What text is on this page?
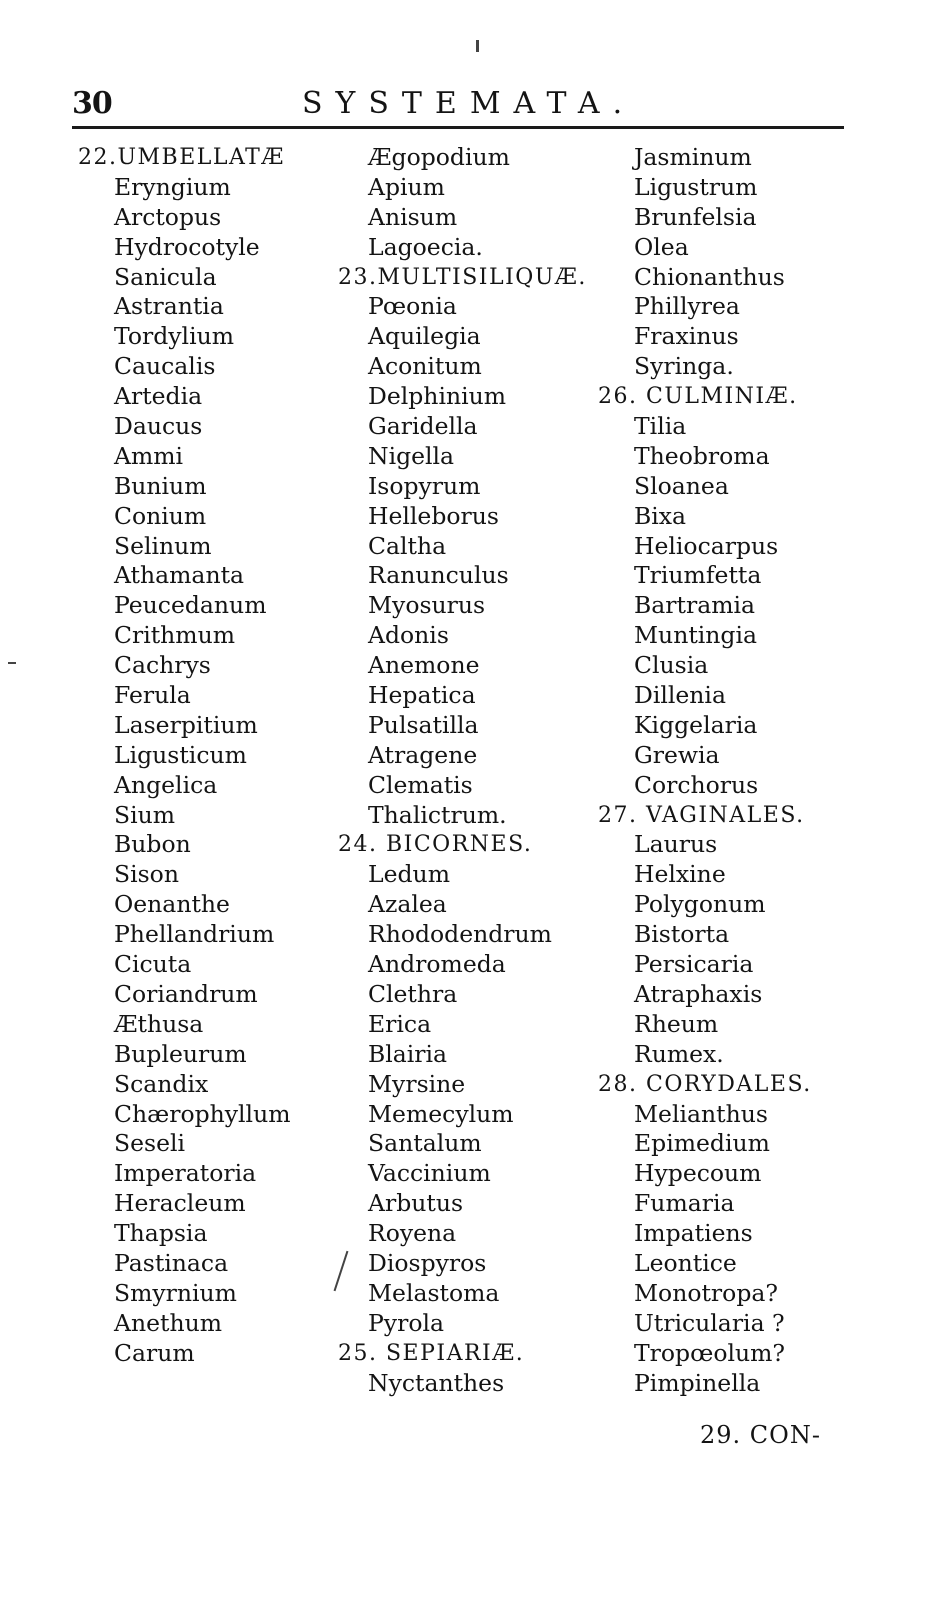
30	SYSTEMATA.
22.UMBELLATÆ
Eryngium
Arctopus
Hydrocotyle
Sanicula
Astrantia
Tordylium
Caucalis
Artedia
Daucus
Ammi
Bunium
Conium
Selinum
Athamanta
Peucedanum
Crithmum
Cachrys
Ferula
Laserpitium
Ligusticum
Angelica
Sium
Bubon
Sison
Oenanthe
Phellandrium
Cicuta
Coriandrum
Æthusa
Bupleurum
Scandix
Chærophyllum
Seseli
Imperatoria
Heracleum
Thapsia
Pastinaca
Smyrnium
Anethum
Carum
Ægopodium
Apium
Anisum
Lagoecia.
23.MULTISILIQUÆ.
Pœonia
Aquilegia
Aconitum
Delphinium
Garidella
Nigella
Isopyrum
Helleborus
Caltha
Ranunculus
Myosurus
Adonis
Anemone
Hepatica
Pulsatilla
Atragene
Clematis
Thalictrum.
24. BICORNES.
Ledum
Azalea
Rhododendrum
Andromeda
Clethra
Erica
Blairia
Myrsine
Memecylum
Santalum
Vaccinium
Arbutus
Royena
Diospyros
Melastoma
Pyrola
25. SEPIARIÆ.
Nyctanthes
Jasminum
Ligustrum
Brunfelsia
Olea
Chionanthus
Phillyrea
Fraxinus
Syringa.
26. CULMINIÆ.
Tilia
Theobroma
Sloanea
Bixa
Heliocarpus
Triumfetta
Bartramia
Muntingia
Clusia
Dillenia
Kiggelaria
Grewia
Corchorus
27. VAGINALES.
Laurus
Helxine
Polygonum
Bistorta
Persicaria
Atraphaxis
Rheum
Rumex.
28. CORYDALES.
Melianthus
Epimedium
Hypecoum
Fumaria
Impatiens
Leontice
Monotropa?
Utricularia ?
Tropœolum?
Pimpinella
29. CON-
